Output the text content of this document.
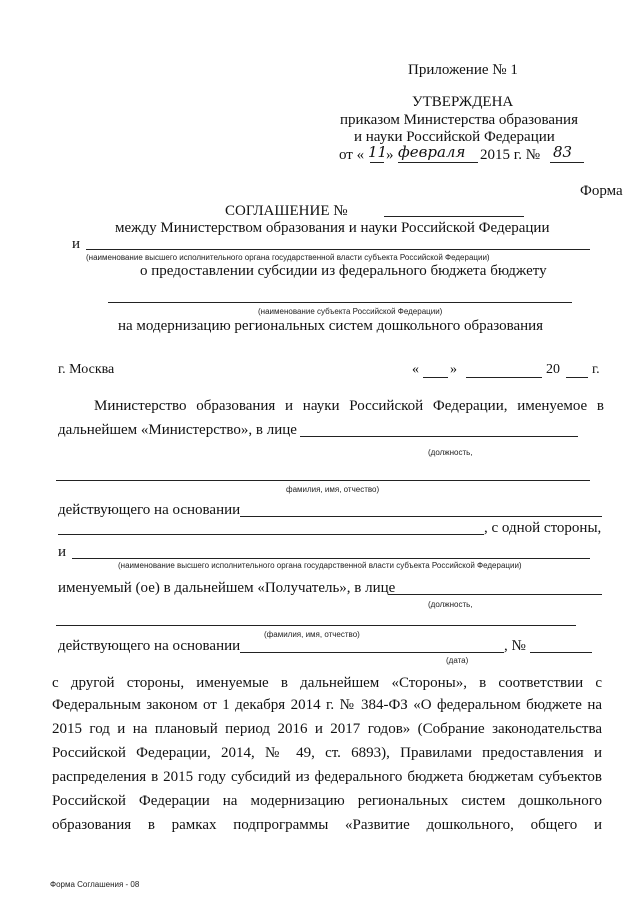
Приложение № 1
УТВЕРЖДЕНА
приказом Министерства образования
и науки Российской Федерации
от « 11
» февраля 2015 г. № 83
Форма
СОГЛАШЕНИЕ №
между Министерством образования и науки Российской Федерации
и
(наименование высшего исполнительного органа государственной власти субъекта Российской Федерации)
о предоставлении субсидии из федерального бюджета бюджету
(наименование субъекта Российской Федерации)
на модернизацию региональных систем дошкольного образования
г. Москва	« »	20 г.
Министерство образования и науки Российской Федерации, именуемое в
дальнейшем «Министерство», в лице
(должность,
фамилия, имя, отчество)
действующего на основании
, с одной стороны,
и
(наименование высшего исполнительного органа государственной власти субъекта Российской Федерации)
именуемый (ое) в дальнейшем «Получатель», в лице
(должность,
(фамилия, имя, отчество)
действующего на основании
(дата)
, №
с другой стороны, именуемые в дальнейшем «Стороны», в соответствии с
Федеральным законом от 1 декабря 2014 г. № 384-ФЗ «О федеральном бюджете на
2015 год и на плановый период 2016 и 2017 годов» (Собрание законодательства
Российской Федерации, 2014, № 49, ст. 6893), Правилами предоставления и
распределения в 2015 году субсидий из федерального бюджета бюджетам субъектов
Российской Федерации на модернизацию региональных систем дошкольного
образования в рамках подпрограммы «Развитие дошкольного, общего и
Форма Соглашения - 08
